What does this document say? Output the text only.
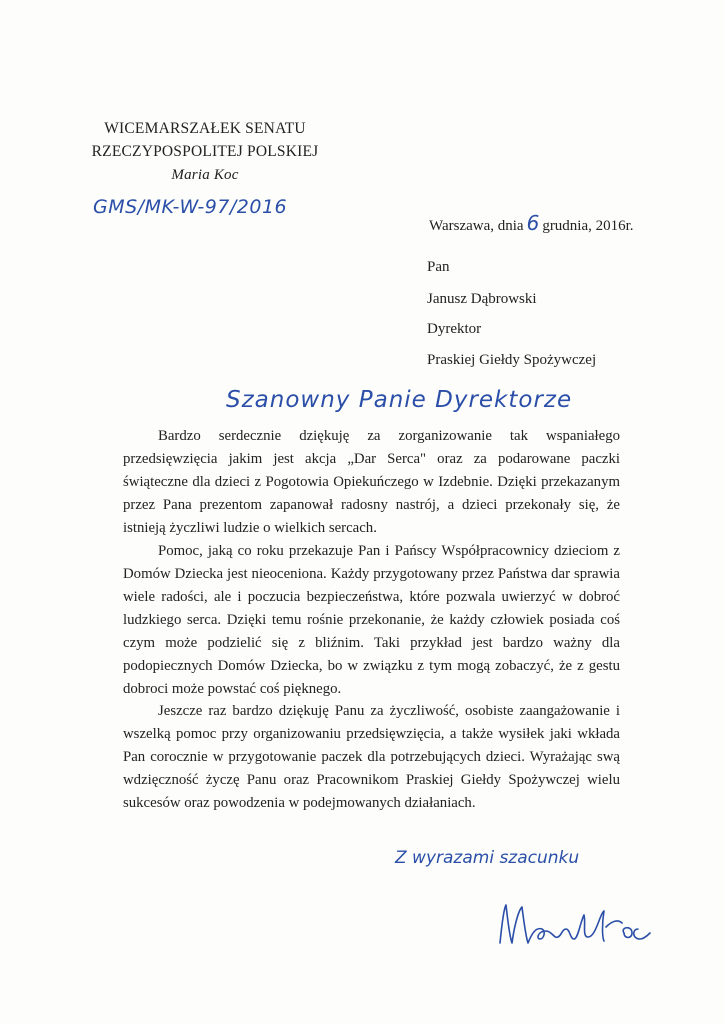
WICEMARSZAŁEK SENATU
RZECZYPOSPOLITEJ POLSKIEJ
Maria Koc
GMS/MK-W-97/2016
Warszawa, dnia 6 grudnia, 2016r.
Pan
Janusz Dąbrowski
Dyrektor
Praskiej Giełdy Spożywczej
Szanowny Panie Dyrektorze

Bardzo serdecznie dziękuję za zorganizowanie tak wspaniałego przedsięwzięcia jakim jest akcja „Dar Serca" oraz za podarowane paczki świąteczne dla dzieci z Pogotowia Opiekuńczego w Izdebnie. Dzięki przekazanym przez Pana prezentom zapanował radosny nastrój, a dzieci przekonały się, że istnieją życzliwi ludzie o wielkich sercach.

Pomoc, jaką co roku przekazuje Pan i Pańscy Współpracownicy dzieciom z Domów Dziecka jest nieoceniona. Każdy przygotowany przez Państwa dar sprawia wiele radości, ale i poczucia bezpieczeństwa, które pozwala uwierzyć w dobroć ludzkiego serca. Dzięki temu rośnie przekonanie, że każdy człowiek posiada coś czym może podzielić się z bliźnim. Taki przykład jest bardzo ważny dla podopiecznych Domów Dziecka, bo w związku z tym mogą zobaczyć, że z gestu dobroci może powstać coś pięknego.

Jeszcze raz bardzo dziękuję Panu za życzliwość, osobiste zaangażowanie i wszelką pomoc przy organizowaniu przedsięwzięcia, a także wysiłek jaki wkłada Pan corocznie w przygotowanie paczek dla potrzebujących dzieci. Wyrażając swą wdzięczność życzę Panu oraz Pracownikom Praskiej Giełdy Spożywczej wielu sukcesów oraz powodzenia w podejmowanych działaniach.

Z wyrazami szacunku
